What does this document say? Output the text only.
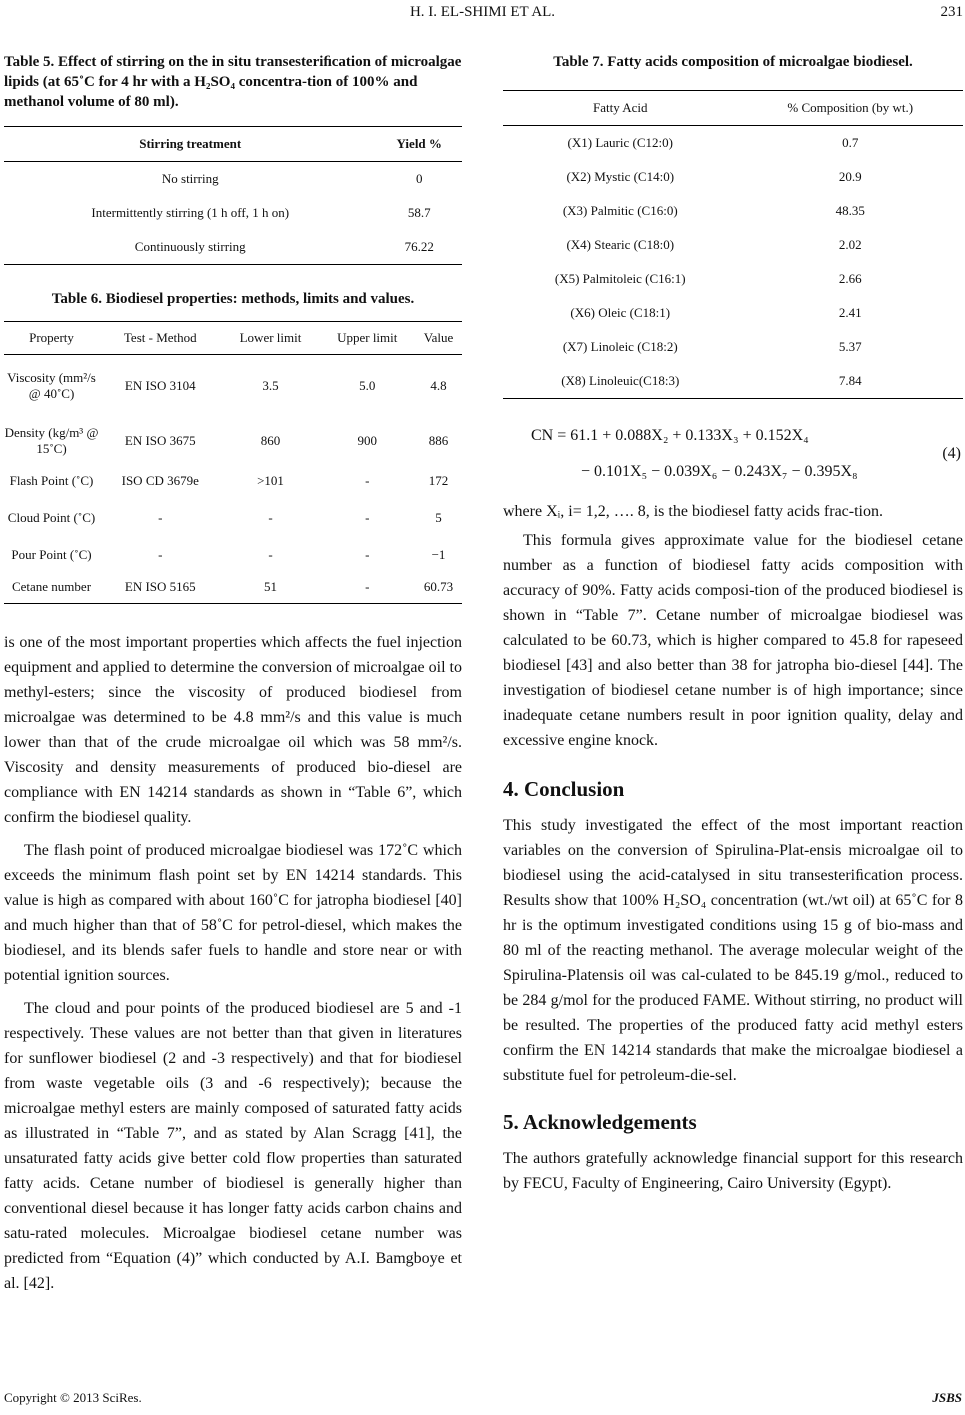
H. I. EL-SHIMI ET AL.	231

Table 5. Effect of stirring on the in situ transesteriﬁcation of microalgae lipids (at 65˚C for 4 hr with a H₂SO₄ concentra-tion of 100% and methanol volume of 80 ml).

Stirring treatment	Yield %
No stirring	0
Intermittently stirring (1 h off, 1 h on)	58.7
Continuously stirring	76.22

Table 6. Biodiesel properties: methods, limits and values.

Property	Test - Method	Lower limit	Upper limit	Value
Viscosity (mm²/s @ 40˚C)	EN ISO 3104	3.5	5.0	4.8
Density (kg/m³ @ 15˚C)	EN ISO 3675	860	900	886
Flash Point (˚C)	ISO CD 3679e	>101	-	172
Cloud Point (˚C)	-	-	-	5
Pour Point (˚C)	-	-	-	−1
Cetane number	EN ISO 5165	51	-	60.73

is one of the most important properties which affects the fuel injection equipment and applied to determine the conversion of microalgae oil to methyl-esters; since the viscosity of produced biodiesel from microalgae was determined to be 4.8 mm²/s and this value is much lower than that of the crude microalgae oil which was 58 mm²/s. Viscosity and density measurements of produced bio-diesel are compliance with EN 14214 standards as shown in “Table 6”, which confirm the biodiesel quality.

The flash point of produced microalgae biodiesel was 172˚C which exceeds the minimum flash point set by EN 14214 standards. This value is high as compared with about 160˚C for jatropha biodiesel [40] and much higher than that of 58˚C for petrol-diesel, which makes the biodiesel, and its blends safer fuels to handle and store near or with potential ignition sources.

The cloud and pour points of the produced biodiesel are 5 and -1 respectively. These values are not better than that given in literatures for sunflower biodiesel (2 and -3 respectively) and that for biodiesel from waste vegetable oils (3 and -6 respectively); because the microalgae methyl esters are mainly composed of saturated fatty acids as illustrated in “Table 7”, and as stated by Alan Scragg [41], the unsaturated fatty acids give better cold flow properties than saturated fatty acids. Cetane number of biodiesel is generally higher than conventional diesel because it has longer fatty acids carbon chains and satu-rated molecules. Microalgae biodiesel cetane number was predicted from “Equation (4)” which conducted by A.I. Bamgboye et al. [42].

Table 7. Fatty acids composition of microalgae biodiesel.

Fatty Acid	% Composition (by wt.)
(X1) Lauric (C12:0)	0.7
(X2) Mystic (C14:0)	20.9
(X3) Palmitic (C16:0)	48.35
(X4) Stearic (C18:0)	2.02
(X5) Palmitoleic (C16:1)	2.66
(X6) Oleic (C18:1)	2.41
(X7) Linoleic (C18:2)	5.37
(X8) Linoleuic(C18:3)	7.84
CN = 61.1 + 0.088X₂ + 0.133X₃ + 0.152X₄
− 0.101X₅ − 0.039X₆ − 0.243X₇ − 0.395X₈
(4)

where Xᵢ, i= 1,2, …. 8, is the biodiesel fatty acids frac-tion.

This formula gives approximate value for the biodiesel cetane number as a function of biodiesel fatty acids composition with accuracy of 90%. Fatty acids composi-tion of the produced biodiesel is shown in “Table 7”. Cetane number of microalgae biodiesel was calculated to be 60.73, which is higher compared to 45.8 for rapeseed biodiesel [43] and also better than 38 for jatropha bio-diesel [44]. The investigation of biodiesel cetane number is of high importance; since inadequate cetane numbers result in poor ignition quality, delay and excessive engine knock.

4. Conclusion

This study investigated the effect of the most important reaction variables on the conversion of Spirulina-Plat-ensis microalgae oil to biodiesel using the acid-catalysed in situ transesteriﬁcation process. Results show that 100% H₂SO₄ concentration (wt./wt oil) at 65˚C for 8 hr is the optimum investigated conditions using 15 g of bio-mass and 80 ml of the reacting methanol. The average molecular weight of the Spirulina-Platensis oil was cal-culated to be 845.19 g/mol., reduced to be 284 g/mol for the produced FAME. Without stirring, no product will be resulted. The properties of the produced fatty acid methyl esters confirm the EN 14214 standards that make the microalgae biodiesel a substitute fuel for petroleum-die-sel.

5. Acknowledgements

The authors gratefully acknowledge financial support for this research by FECU, Faculty of Engineering, Cairo University (Egypt).

Copyright © 2013 SciRes.	JSBS
